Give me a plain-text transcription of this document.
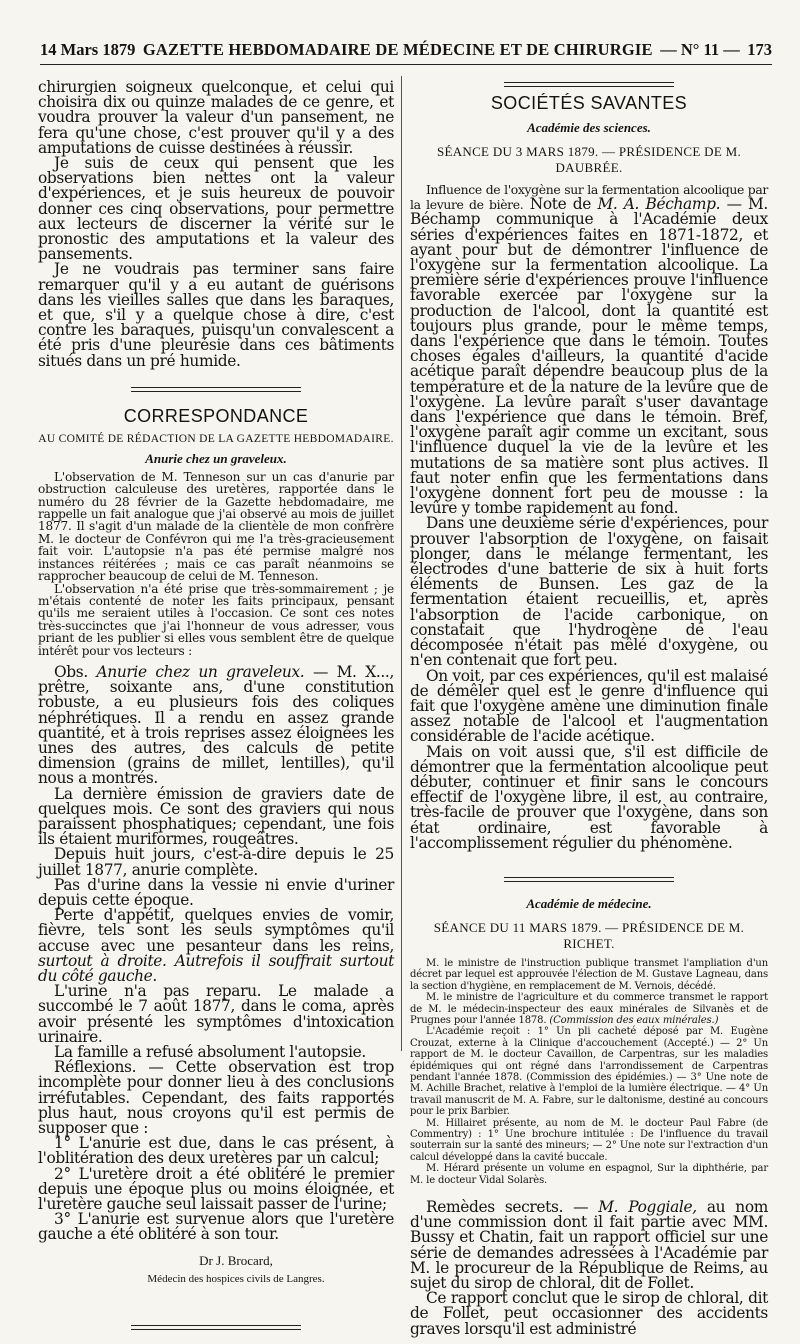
14 Mars 1879 GAZETTE HEBDOMADAIRE DE MÉDECINE ET DE CHIRURGIE — N° 11 — 173

chirurgien soigneux quelconque, et celui qui choisira dix ou quinze malades de ce genre, et voudra prouver la valeur d'un pansement, ne fera qu'une chose, c'est prouver qu'il y a des amputations de cuisse destinées à réussir.

Je suis de ceux qui pensent que les observations bien nettes ont la valeur d'expériences, et je suis heureux de pouvoir donner ces cinq observations, pour permettre aux lecteurs de discerner la vérité sur le pronostic des amputations et la valeur des pansements.

Je ne voudrais pas terminer sans faire remarquer qu'il y a eu autant de guérisons dans les vieilles salles que dans les baraques, et que, s'il y a quelque chose à dire, c'est contre les baraques, puisqu'un convalescent a été pris d'une pleurésie dans ces bâtiments situés dans un pré humide.

CORRESPONDANCE
AU COMITÉ DE RÉDACTION DE LA GAZETTE HEBDOMADAIRE.
Anurie chez un graveleux.

L'observation de M. Tenneson sur un cas d'anurie par obstruction calculeuse des uretères, rapportée dans le numéro du 28 février de la Gazette hebdomadaire, me rappelle un fait analogue que j'ai observé au mois de juillet 1877. Il s'agit d'un malade de la clientèle de mon confrère M. le docteur de Confévron qui me l'a très-gracieusement fait voir. L'autopsie n'a pas été permise malgré nos instances réitérées ; mais ce cas paraît néanmoins se rapprocher beaucoup de celui de M. Tenneson.

L'observation n'a été prise que très-sommairement ; je m'étais contenté de noter les faits principaux, pensant qu'ils me seraient utiles à l'occasion. Ce sont ces notes très-succinctes que j'ai l'honneur de vous adresser, vous priant de les publier si elles vous semblent être de quelque intérêt pour vos lecteurs :

Obs. Anurie chez un graveleux. — M. X..., prêtre, soixante ans, d'une constitution robuste, a eu plusieurs fois des coliques néphrétiques. Il a rendu en assez grande quantité, et à trois reprises assez éloignées les unes des autres, des calculs de petite dimension (grains de millet, lentilles), qu'il nous a montrés.

La dernière émission de graviers date de quelques mois. Ce sont des graviers qui nous paraissent phosphatiques; cependant, une fois ils étaient muriformes, rougeâtres.

Depuis huit jours, c'est-à-dire depuis le 25 juillet 1877, anurie complète.

Pas d'urine dans la vessie ni envie d'uriner depuis cette époque.

Perte d'appétit, quelques envies de vomir, fièvre, tels sont les seuls symptômes qu'il accuse avec une pesanteur dans les reins, surtout à droite. Autrefois il souffrait surtout du côté gauche.

L'urine n'a pas reparu. Le malade a succombé le 7 août 1877, dans le coma, après avoir présenté les symptômes d'intoxication urinaire.

La famille a refusé absolument l'autopsie.

Réflexions. — Cette observation est trop incomplète pour donner lieu à des conclusions irréfutables. Cependant, des faits rapportés plus haut, nous croyons qu'il est permis de supposer que :

1° L'anurie est due, dans le cas présent, à l'oblitération des deux uretères par un calcul;

2° L'uretère droit a été oblitéré le premier depuis une époque plus ou moins éloignée, et l'uretère gauche seul laissait passer de l'urine;

3° L'anurie est survenue alors que l'uretère gauche a été oblitéré à son tour.

Dr J. Brocard,
Médecin des hospices civils de Langres.
SOCIÉTÉS SAVANTES
Académie des sciences.
SÉANCE DU 3 MARS 1879. — PRÉSIDENCE DE M. DAUBRÉE.

Influence de l'oxygène sur la fermentation alcoolique par la levure de bière. Note de M. A. Béchamp. — M. Béchamp communique à l'Académie deux séries d'expériences faites en 1871-1872, et ayant pour but de démontrer l'influence de l'oxygène sur la fermentation alcoolique. La première série d'expériences prouve l'influence favorable exercée par l'oxygène sur la production de l'alcool, dont la quantité est toujours plus grande, pour le même temps, dans l'expérience que dans le témoin. Toutes choses égales d'ailleurs, la quantité d'acide acétique paraît dépendre beaucoup plus de la température et de la nature de la levûre que de l'oxygène. La levûre paraît s'user davantage dans l'expérience que dans le témoin. Bref, l'oxygène paraît agir comme un excitant, sous l'influence duquel la vie de la levûre et les mutations de sa matière sont plus actives. Il faut noter enfin que les fermentations dans l'oxygène donnent fort peu de mousse : la levûre y tombe rapidement au fond.

Dans une deuxième série d'expériences, pour prouver l'absorption de l'oxygène, on faisait plonger, dans le mélange fermentant, les électrodes d'une batterie de six à huit forts éléments de Bunsen. Les gaz de la fermentation étaient recueillis, et, après l'absorption de l'acide carbonique, on constatait que l'hydrogène de l'eau décomposée n'était pas mêlé d'oxygène, ou n'en contenait que fort peu.

On voit, par ces expériences, qu'il est malaisé de démêler quel est le genre d'influence qui fait que l'oxygène amène une diminution finale assez notable de l'alcool et l'augmentation considérable de l'acide acétique.

Mais on voit aussi que, s'il est difficile de démontrer que la fermentation alcoolique peut débuter, continuer et finir sans le concours effectif de l'oxygène libre, il est, au contraire, très-facile de prouver que l'oxygène, dans son état ordinaire, est favorable à l'accomplissement régulier du phénomène.

Académie de médecine.
SÉANCE DU 11 MARS 1879. — PRÉSIDENCE DE M. RICHET.

M. le ministre de l'instruction publique transmet l'ampliation d'un décret par lequel est approuvée l'élection de M. Gustave Lagneau, dans la section d'hygiène, en remplacement de M. Vernois, décédé.

M. le ministre de l'agriculture et du commerce transmet le rapport de M. le médecin-inspecteur des eaux minérales de Silvanès et de Prugnes pour l'année 1878. (Commission des eaux minérales.)

L'Académie reçoit : 1° Un pli cacheté déposé par M. Eugène Crouzat, externe à la Clinique d'accouchement (Accepté.) — 2° Un rapport de M. le docteur Cavaillon, de Carpentras, sur les maladies épidémiques qui ont régné dans l'arrondissement de Carpentras pendant l'année 1878. (Commission des épidémies.) — 3° Une note de M. Achille Brachet, relative à l'emploi de la lumière électrique. — 4° Un travail manuscrit de M. A. Fabre, sur le daltonisme, destiné au concours pour le prix Barbier.

M. Hillairet présente, au nom de M. le docteur Paul Fabre (de Commentry) : 1° Une brochure intitulée : De l'influence du travail souterrain sur la santé des mineurs; — 2° Une note sur l'extraction d'un calcul développé dans la cavité buccale.

M. Hérard présente un volume en espagnol, Sur la diphthérie, par M. le docteur Vidal Solarès.

Remèdes secrets. — M. Poggiale, au nom d'une commission dont il fait partie avec MM. Bussy et Chatin, fait un rapport officiel sur une série de demandes adressées à l'Académie par M. le procureur de la République de Reims, au sujet du sirop de chloral, dit de Follet.

Ce rapport conclut que le sirop de chloral, dit de Follet, peut occasionner des accidents graves lorsqu'il est administré
